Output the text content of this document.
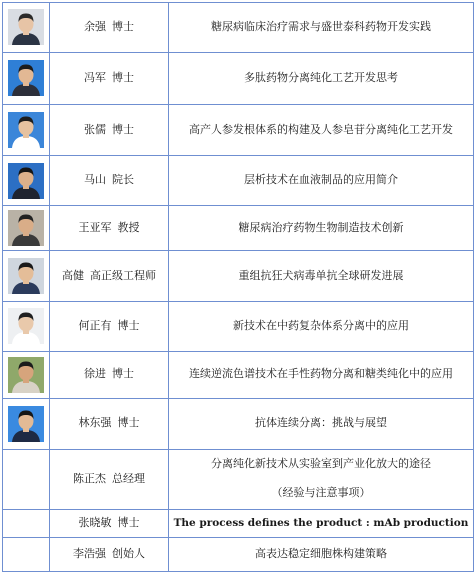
	余强 博士	糖尿病临床治疗需求与盛世泰科药物开发实践

	冯军 博士	多肽药物分离纯化工艺开发思考

	张儒 博士	高产人参发根体系的构建及人参皂苷分离纯化工艺开发

	马山 院长	层析技术在血液制品的应用简介

	王亚军 教授	糖尿病治疗药物生物制造技术创新

	高健 高正级工程师	重组抗狂犬病毒单抗全球研发进展

	何正有 博士	新技术在中药复杂体系分离中的应用

	徐进 博士	连续逆流色谱技术在手性药物分离和糖类纯化中的应用

	林东强 博士	抗体连续分离：挑战与展望

	陈正杰 总经理	分离纯化新技术从实验室到产业化放大的途径
（经验与注意事项）

	张晓敏 博士	The process defines the product : mAb production

	李浩强 创始人	高表达稳定细胞株构建策略
